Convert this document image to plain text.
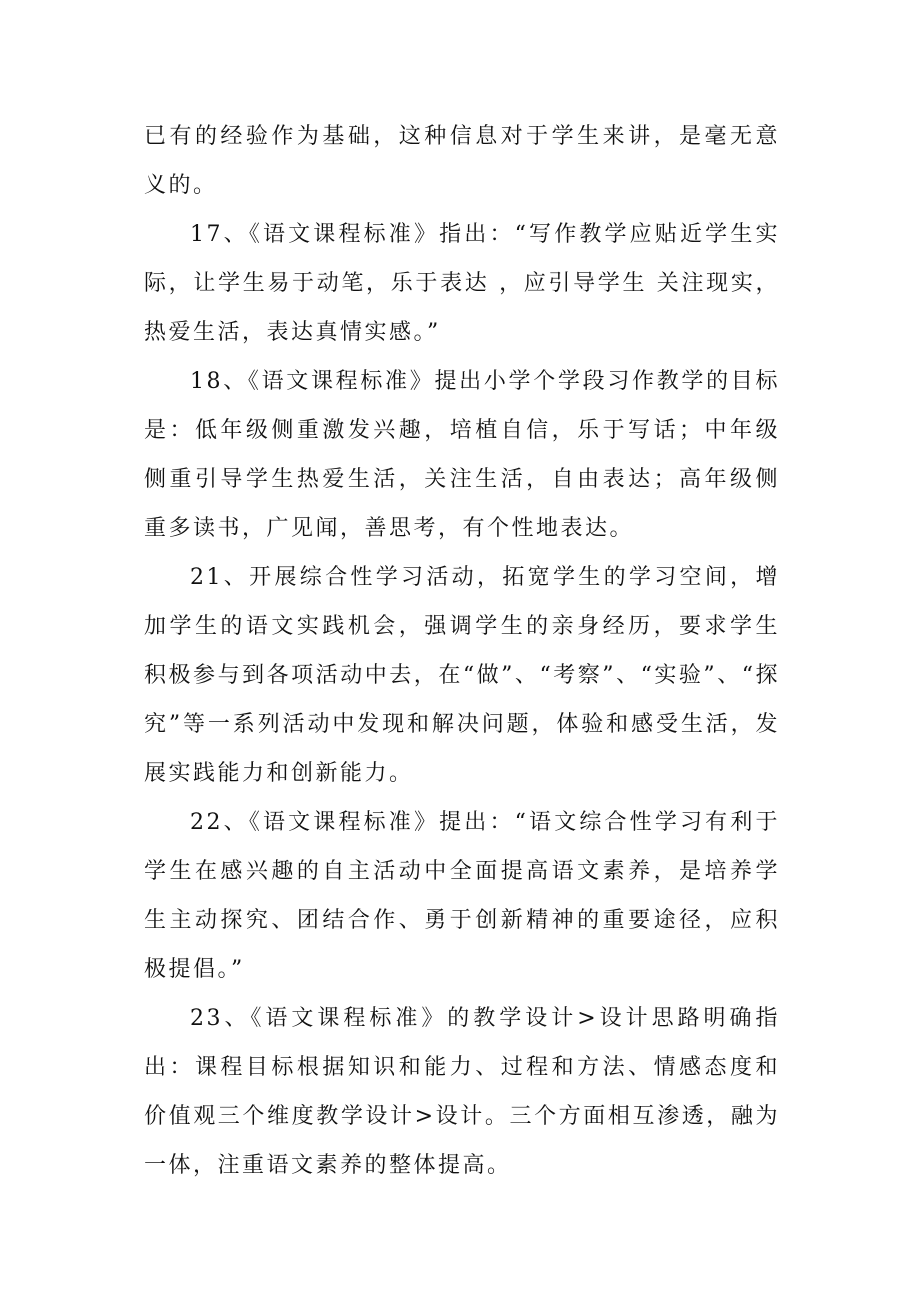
已有的经验作为基础，这种信息对于学生来讲，是毫无意义的。

17、《语文课程标准》指出：“写作教学应贴近学生实际，让学生易于动笔，乐于表达 ，应引导学生 关注现实，热爱生活，表达真情实感。”

18、《语文课程标准》提出小学个学段习作教学的目标是：低年级侧重激发兴趣，培植自信，乐于写话；中年级侧重引导学生热爱生活，关注生活，自由表达；高年级侧重多读书，广见闻，善思考，有个性地表达。

21、开展综合性学习活动，拓宽学生的学习空间，增加学生的语文实践机会，强调学生的亲身经历，要求学生积极参与到各项活动中去，在“做”、“考察”、“实验”、“探究”等一系列活动中发现和解决问题，体验和感受生活，发展实践能力和创新能力。

22、《语文课程标准》提出：“语文综合性学习有利于学生在感兴趣的自主活动中全面提高语文素养，是培养学生主动探究、团结合作、勇于创新精神的重要途径，应积极提倡。”

23、《语文课程标准》的教学设计>设计思路明确指出：课程目标根据知识和能力、过程和方法、情感态度和价值观三个维度教学设计>设计。三个方面相互渗透，融为一体，注重语文素养的整体提高。
